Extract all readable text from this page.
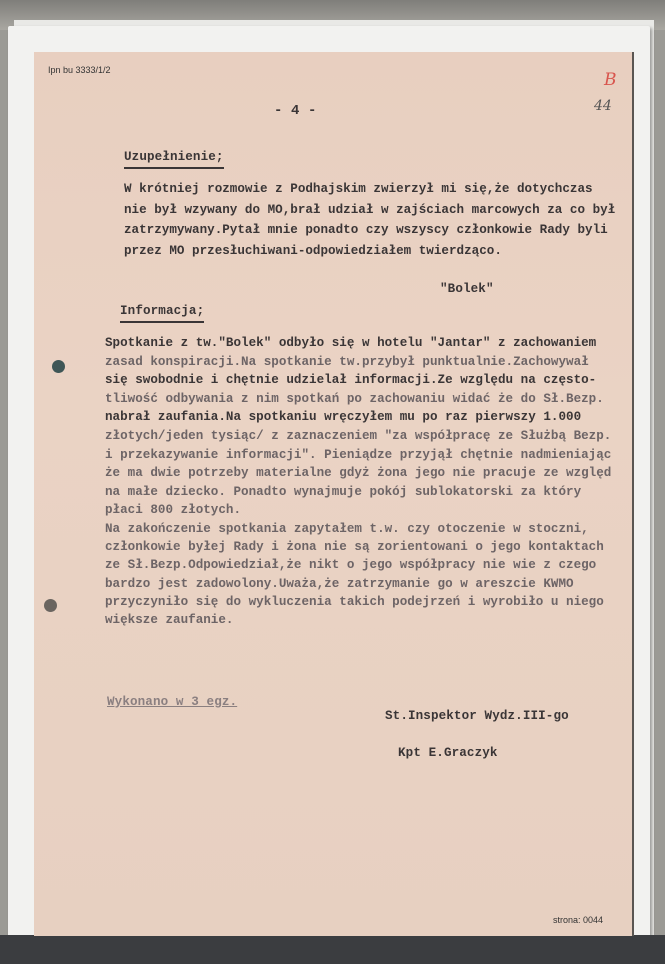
Ipn bu 3333/1/2
- 4 -
B
44
Uzupełnienie;
W krótniej rozmowie z Podhajskim zwierzył mi się,że dotychczas
nie był wzywany do MO,brał udział w zajściach marcowych za co był
zatrzymywany.Pytał mnie ponadto czy wszyscy członkowie Rady byli
przez MO przesłuchiwani-odpowiedziałem twierdząco.
"Bolek"
Informacja;
Spotkanie z tw."Bolek" odbyło się w hotelu "Jantar" z zachowaniem
zasad konspiracji.Na spotkanie tw.przybył punktualnie.Zachowywał
się swobodnie i chętnie udzielał informacji.Ze względu na często-
tliwość odbywania z nim spotkań po zachowaniu widać że do Sł.Bezp.
nabrał zaufania.Na spotkaniu wręczyłem mu po raz pierwszy 1.000
złotych/jeden tysiąc/ z zaznaczeniem "za współpracę ze Służbą Bezp.
i przekazywanie informacji". Pieniądze przyjął chętnie nadmieniając
że ma dwie potrzeby materialne gdyż żona jego nie pracuje ze względ
na małe dziecko. Ponadto wynajmuje pokój sublokatorski za który
płaci 800 złotych.
Na zakończenie spotkania zapytałem t.w. czy otoczenie w stoczni,
członkowie byłej Rady i żona nie są zorientowani o jego kontaktach
ze Sł.Bezp.Odpowiedział,że nikt o jego współpracy nie wie z czego
bardzo jest zadowolony.Uważa,że zatrzymanie go w areszcie KWMO
przyczyniło się do wykluczenia takich podejrzeń i wyrobiło u niego
większe zaufanie.
Wykonano w 3 egz.
St.Inspektor Wydz.III-go
Kpt E.Graczyk
strona: 0044
